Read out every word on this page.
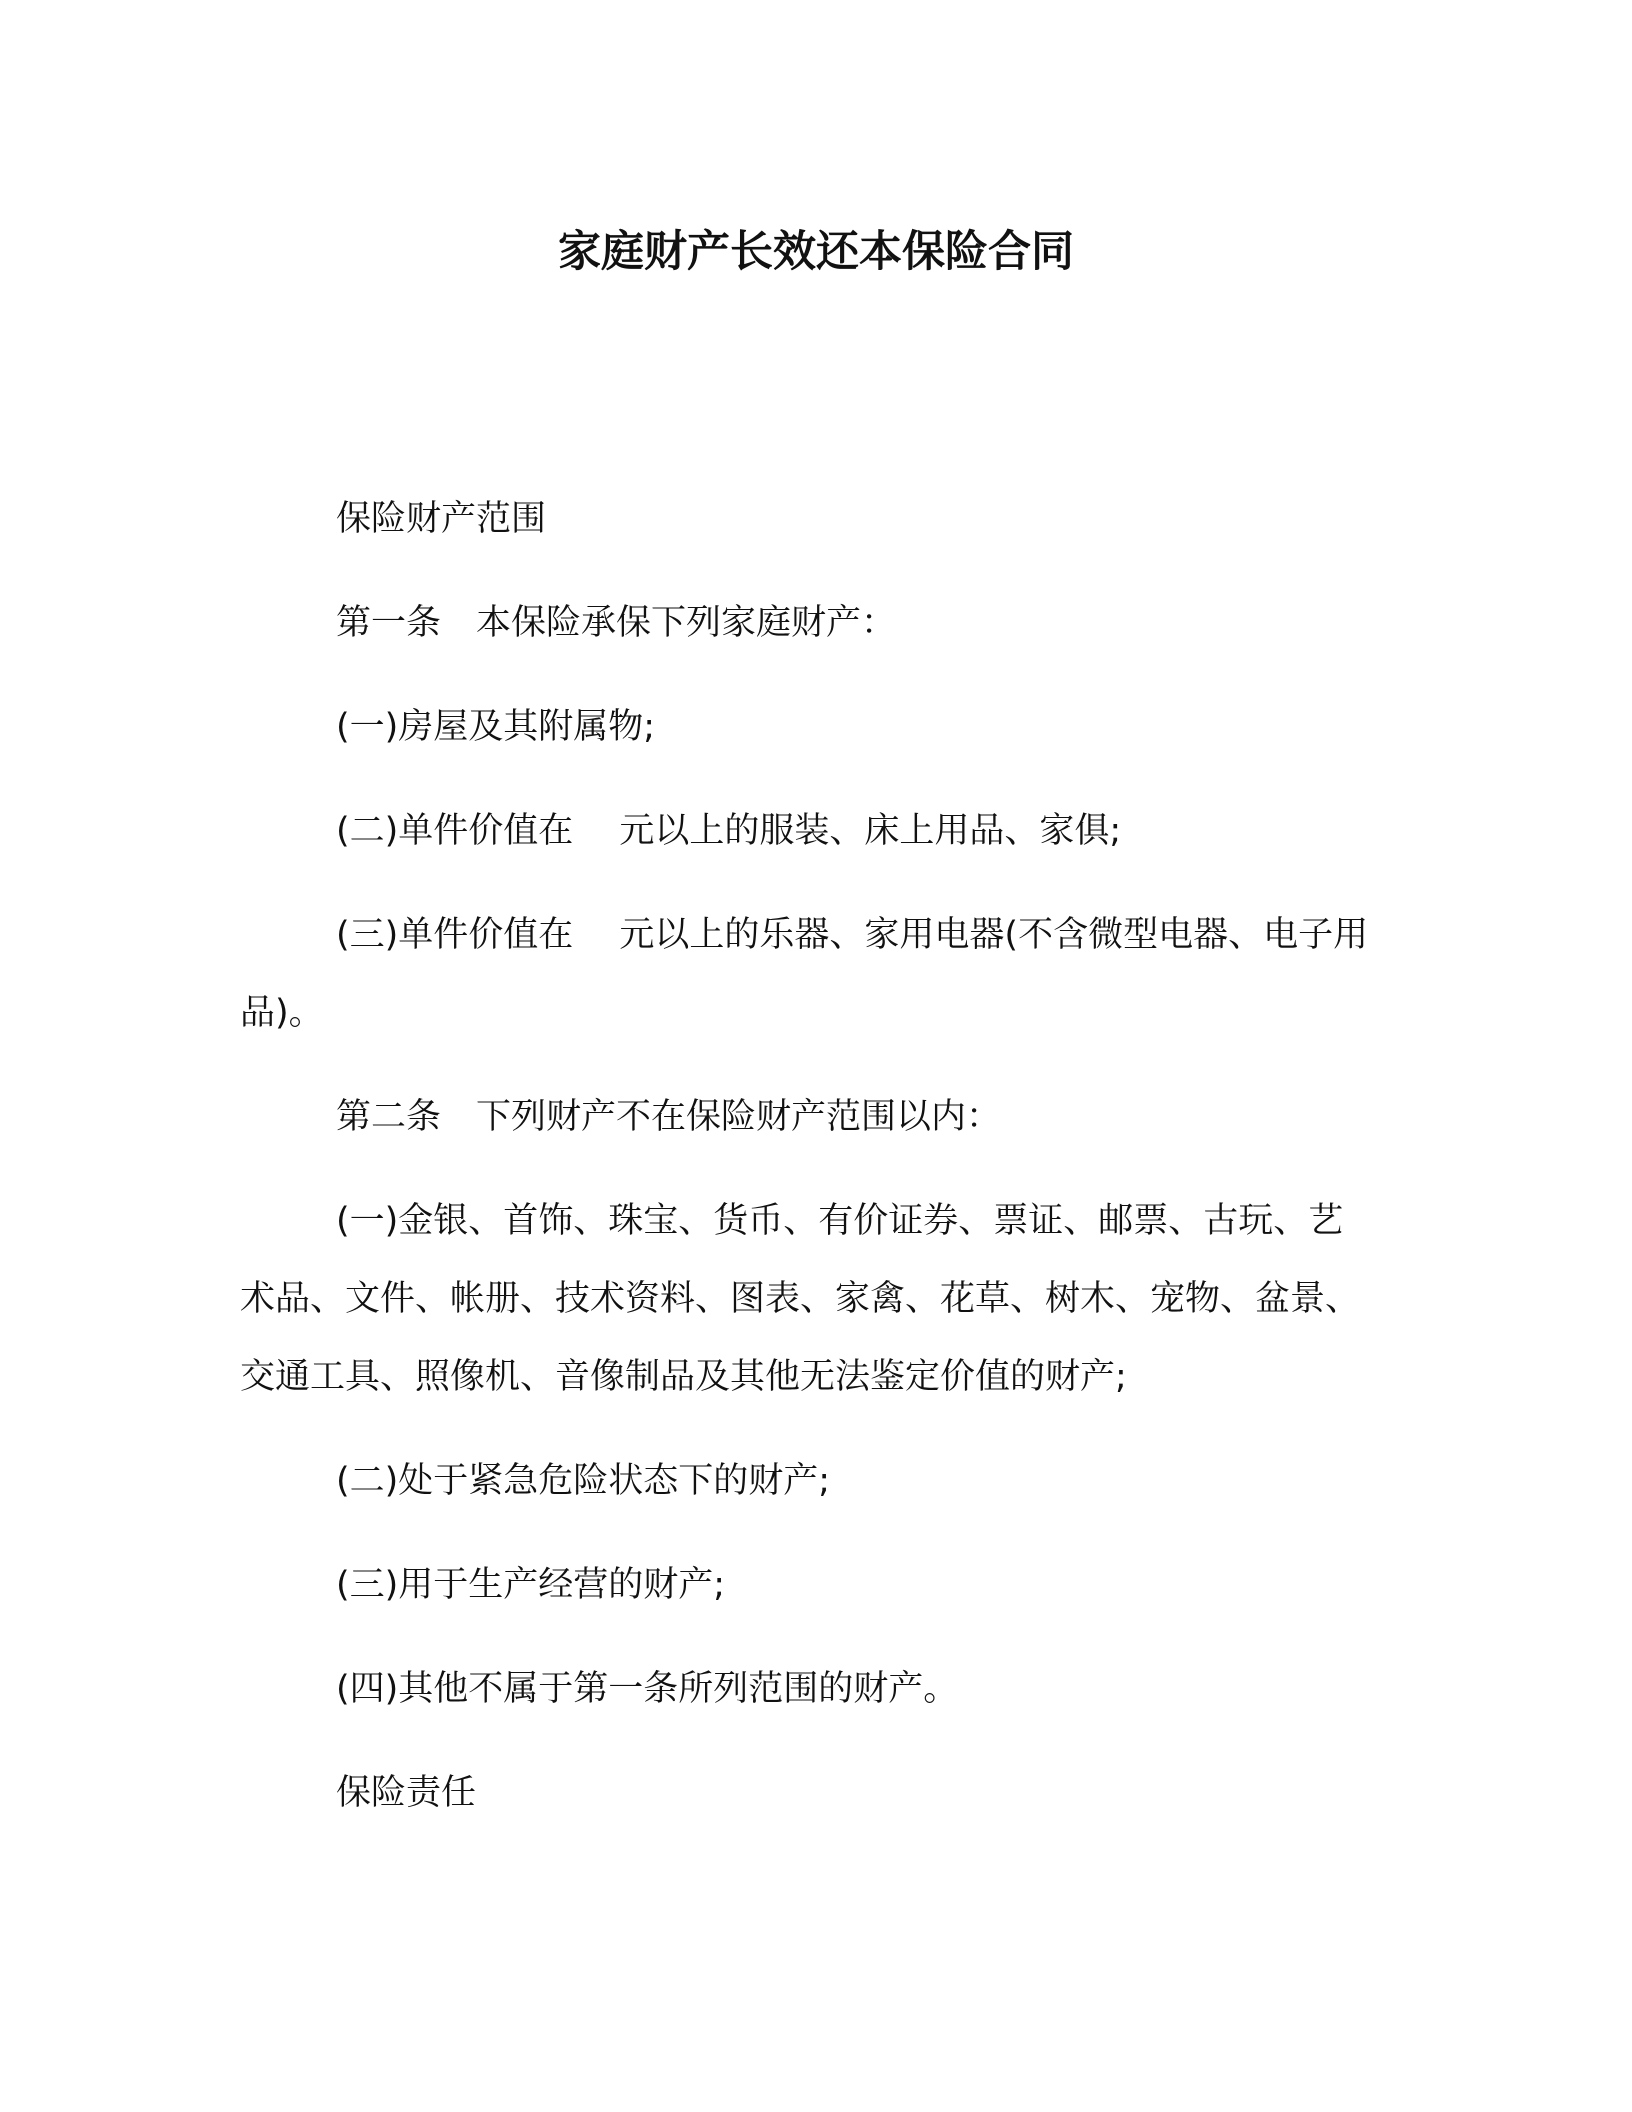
家庭财产长效还本保险合同

保险财产范围

第一条　本保险承保下列家庭财产：

(一)房屋及其附属物;

(二)单件价值在　 元以上的服装、床上用品、家俱;

(三)单件价值在　 元以上的乐器、家用电器(不含微型电器、电子用品)。

第二条　下列财产不在保险财产范围以内：

(一)金银、首饰、珠宝、货币、有价证券、票证、邮票、古玩、艺术品、文件、帐册、技术资料、图表、家禽、花草、树木、宠物、盆景、交通工具、照像机、音像制品及其他无法鉴定价值的财产;

(二)处于紧急危险状态下的财产;

(三)用于生产经营的财产;

(四)其他不属于第一条所列范围的财产。

保险责任
